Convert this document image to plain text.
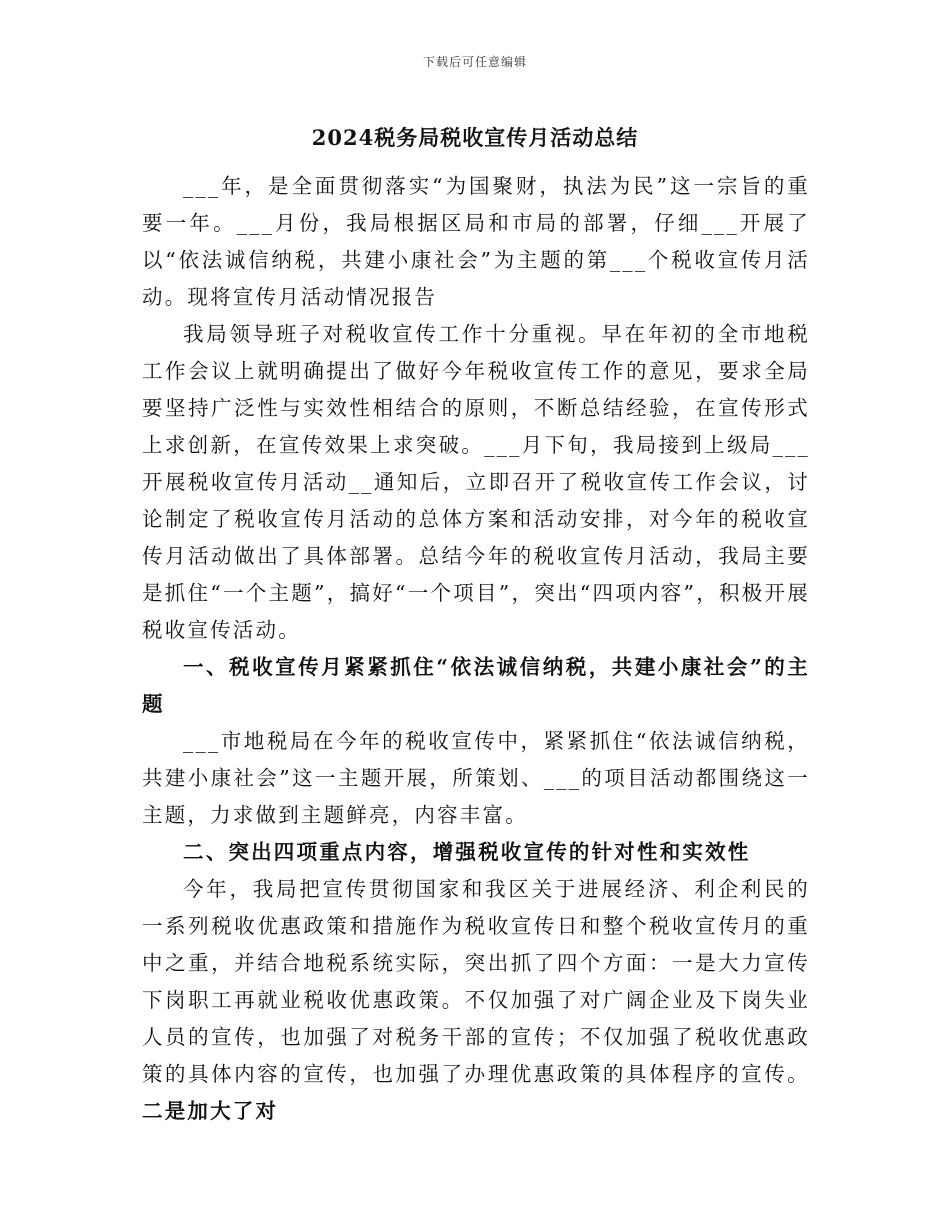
下载后可任意编辑
2024税务局税收宣传月活动总结

___年，是全面贯彻落实“为国聚财，执法为民”这一宗旨的重要一年。___月份，我局根据区局和市局的部署，仔细___开展了以“依法诚信纳税，共建小康社会”为主题的第___个税收宣传月活动。现将宣传月活动情况报告

我局领导班子对税收宣传工作十分重视。早在年初的全市地税工作会议上就明确提出了做好今年税收宣传工作的意见，要求全局要坚持广泛性与实效性相结合的原则，不断总结经验，在宣传形式上求创新，在宣传效果上求突破。___月下旬，我局接到上级局___开展税收宣传月活动__通知后，立即召开了税收宣传工作会议，讨论制定了税收宣传月活动的总体方案和活动安排，对今年的税收宣传月活动做出了具体部署。总结今年的税收宣传月活动，我局主要是抓住“一个主题”，搞好“一个项目”，突出“四项内容”，积极开展税收宣传活动。

一、税收宣传月紧紧抓住“依法诚信纳税，共建小康社会”的主题

___市地税局在今年的税收宣传中，紧紧抓住“依法诚信纳税，共建小康社会”这一主题开展，所策划、___的项目活动都围绕这一主题，力求做到主题鲜亮，内容丰富。

二、突出四项重点内容，增强税收宣传的针对性和实效性

今年，我局把宣传贯彻国家和我区关于进展经济、利企利民的一系列税收优惠政策和措施作为税收宣传日和整个税收宣传月的重中之重，并结合地税系统实际，突出抓了四个方面：一是大力宣传下岗职工再就业税收优惠政策。不仅加强了对广阔企业及下岗失业人员的宣传，也加强了对税务干部的宣传；不仅加强了税收优惠政策的具体内容的宣传，也加强了办理优惠政策的具体程序的宣传。二是加大了对
